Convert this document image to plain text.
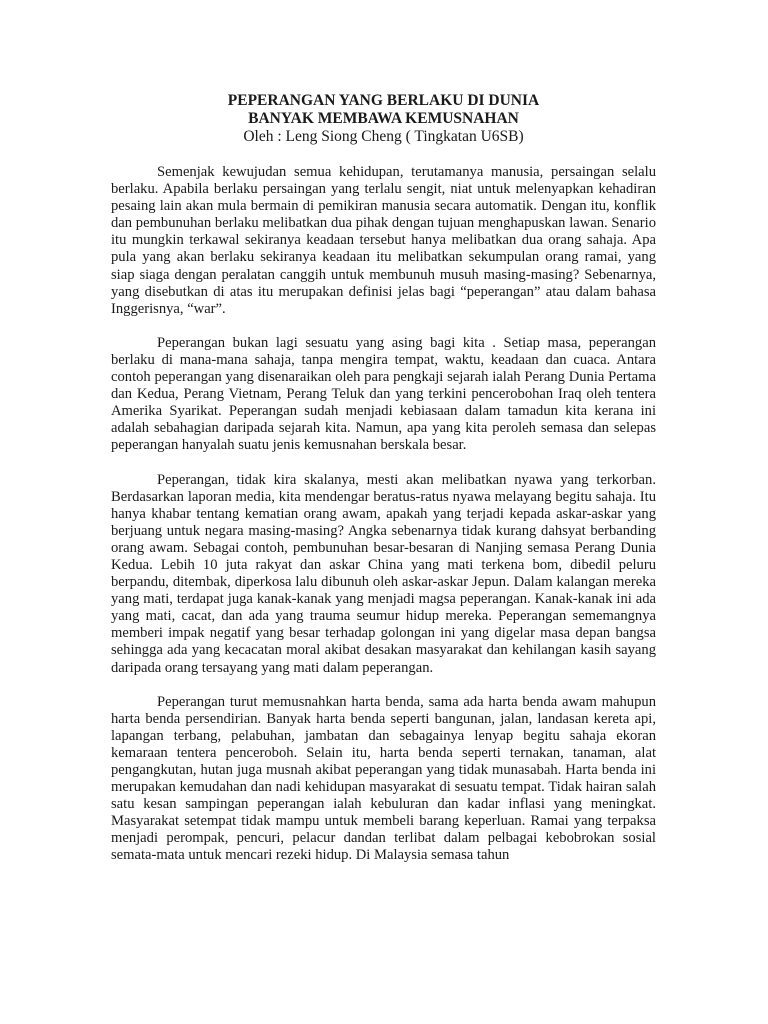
PEPERANGAN YANG BERLAKU DI DUNIA

BANYAK MEMBAWA KEMUSNAHAN

Oleh : Leng Siong Cheng ( Tingkatan U6SB)

Semenjak kewujudan semua kehidupan, terutamanya manusia, persaingan selalu berlaku. Apabila berlaku persaingan yang terlalu sengit, niat untuk melenyapkan kehadiran pesaing lain akan mula bermain di pemikiran manusia secara automatik. Dengan itu, konflik dan pembunuhan berlaku melibatkan dua pihak dengan tujuan menghapuskan lawan. Senario itu mungkin terkawal sekiranya keadaan tersebut hanya melibatkan dua orang sahaja. Apa pula yang akan berlaku sekiranya keadaan itu melibatkan sekumpulan orang ramai, yang siap siaga dengan peralatan canggih untuk membunuh musuh masing-masing? Sebenarnya, yang disebutkan di atas itu merupakan definisi jelas bagi “peperangan” atau dalam bahasa Inggerisnya, “war”.

Peperangan bukan lagi sesuatu yang asing bagi kita . Setiap masa, peperangan berlaku di mana-mana sahaja, tanpa mengira tempat, waktu, keadaan dan cuaca. Antara contoh peperangan yang disenaraikan oleh para pengkaji sejarah ialah Perang Dunia Pertama dan Kedua, Perang Vietnam, Perang Teluk dan yang terkini pencerobohan Iraq oleh tentera Amerika Syarikat. Peperangan sudah menjadi kebiasaan dalam tamadun kita kerana ini adalah sebahagian daripada sejarah kita. Namun, apa yang kita peroleh semasa dan selepas peperangan hanyalah suatu jenis kemusnahan berskala besar.

Peperangan, tidak kira skalanya, mesti akan melibatkan nyawa yang terkorban. Berdasarkan laporan media, kita mendengar beratus-ratus nyawa melayang begitu sahaja. Itu hanya khabar tentang kematian orang awam, apakah yang terjadi kepada askar-askar yang berjuang untuk negara masing-masing? Angka sebenarnya tidak kurang dahsyat berbanding orang awam. Sebagai contoh, pembunuhan besar-besaran di Nanjing semasa Perang Dunia Kedua. Lebih 10 juta rakyat dan askar China yang mati terkena bom, dibedil peluru berpandu, ditembak, diperkosa lalu dibunuh oleh askar-askar Jepun. Dalam kalangan mereka yang mati, terdapat juga kanak-kanak yang menjadi magsa peperangan. Kanak-kanak ini ada yang mati, cacat, dan ada yang trauma seumur hidup mereka. Peperangan sememangnya memberi impak negatif yang besar terhadap golongan ini yang digelar masa depan bangsa sehingga ada yang kecacatan moral akibat desakan masyarakat dan kehilangan kasih sayang daripada orang tersayang yang mati dalam peperangan.

Peperangan turut memusnahkan harta benda, sama ada harta benda awam mahupun harta benda persendirian. Banyak harta benda seperti bangunan, jalan, landasan kereta api, lapangan terbang, pelabuhan, jambatan dan sebagainya lenyap begitu sahaja ekoran kemaraan tentera penceroboh. Selain itu, harta benda seperti ternakan, tanaman, alat pengangkutan, hutan juga musnah akibat peperangan yang tidak munasabah. Harta benda ini merupakan kemudahan dan nadi kehidupan masyarakat di sesuatu tempat. Tidak hairan salah satu kesan sampingan peperangan ialah kebuluran dan kadar inflasi yang meningkat. Masyarakat setempat tidak mampu untuk membeli barang keperluan. Ramai yang terpaksa menjadi perompak, pencuri, pelacur dandan terlibat dalam pelbagai kebobrokan sosial semata-mata untuk mencari rezeki hidup. Di Malaysia semasa tahun
